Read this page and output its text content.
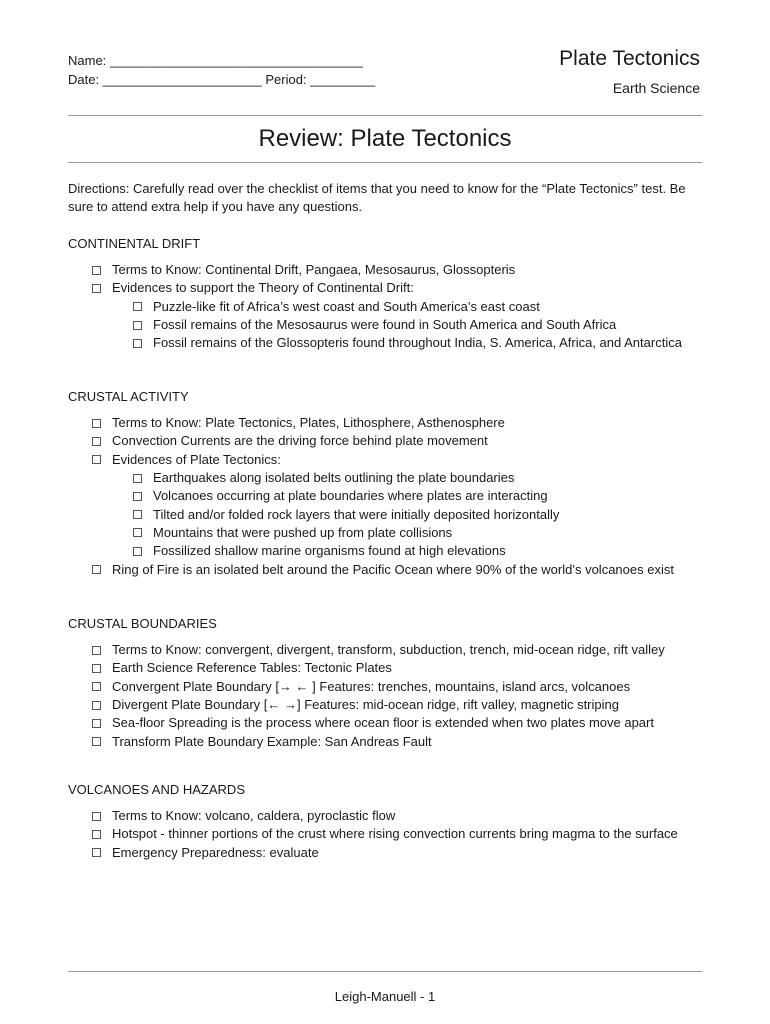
Name: ___________________________________
Date: ______________________ Period: _________
Plate Tectonics
Earth Science
Review: Plate Tectonics
Directions: Carefully read over the checklist of items that you need to know for the “Plate Tectonics” test. Be sure to attend extra help if you have any questions.
CONTINENTAL DRIFT
Terms to Know: Continental Drift, Pangaea, Mesosaurus, Glossopteris
Evidences to support the Theory of Continental Drift:
Puzzle-like fit of Africa’s west coast and South America’s east coast
Fossil remains of the Mesosaurus were found in South America and South Africa
Fossil remains of the Glossopteris found throughout India, S. America, Africa, and Antarctica
CRUSTAL ACTIVITY
Terms to Know: Plate Tectonics, Plates, Lithosphere, Asthenosphere
Convection Currents are the driving force behind plate movement
Evidences of Plate Tectonics:
Earthquakes along isolated belts outlining the plate boundaries
Volcanoes occurring at plate boundaries where plates are interacting
Tilted and/or folded rock layers that were initially deposited horizontally
Mountains that were pushed up from plate collisions
Fossilized shallow marine organisms found at high elevations
Ring of Fire is an isolated belt around the Pacific Ocean where 90% of the world’s volcanoes exist
CRUSTAL BOUNDARIES
Terms to Know: convergent, divergent, transform, subduction, trench, mid-ocean ridge, rift valley
Earth Science Reference Tables: Tectonic Plates
Convergent Plate Boundary [→ ← ] Features: trenches, mountains, island arcs, volcanoes
Divergent Plate Boundary [← →] Features: mid-ocean ridge, rift valley, magnetic striping
Sea-floor Spreading is the process where ocean floor is extended when two plates move apart
Transform Plate Boundary Example: San Andreas Fault
VOLCANOES AND HAZARDS
Terms to Know: volcano, caldera, pyroclastic flow
Hotspot - thinner portions of the crust where rising convection currents bring magma to the surface
Emergency Preparedness: evaluate
Leigh-Manuell - 1
